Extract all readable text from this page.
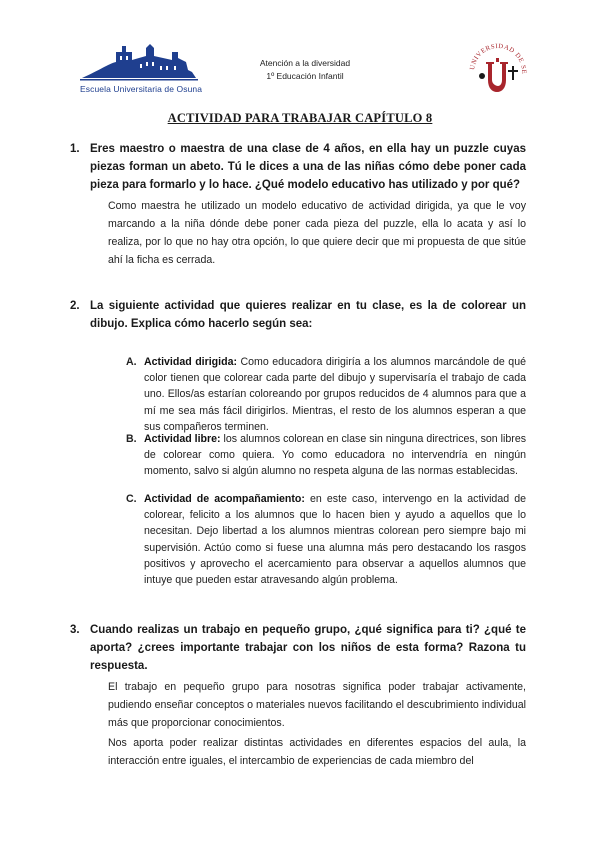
Escuela Universitaria de Osuna
Atención a la diversidad
1º Educación Infantil
UNIVERSIDAD DE SE
ACTIVIDAD PARA TRABAJAR CAPÍTULO 8
1. Eres maestro o maestra de una clase de 4 años, en ella hay un puzzle cuyas piezas forman un abeto. Tú le dices a una de las niñas cómo debe poner cada pieza para formarlo y lo hace. ¿Qué modelo educativo has utilizado y por qué?
Como maestra he utilizado un modelo educativo de actividad dirigida, ya que le voy marcando a la niña dónde debe poner cada pieza del puzzle, ella lo acata y así lo realiza, por lo que no hay otra opción, lo que quiere decir que mi propuesta de que sitúe ahí la ficha es cerrada.
2. La siguiente actividad que quieres realizar en tu clase, es la de colorear un dibujo. Explica cómo hacerlo según sea:
A. Actividad dirigida: Como educadora dirigiría a los alumnos marcándole de qué color tienen que colorear cada parte del dibujo y supervisaría el trabajo de cada uno. Ellos/as estarían coloreando por grupos reducidos de 4 alumnos para que a mí me sea más fácil dirigirlos. Mientras, el resto de los alumnos esperan a que sus compañeros terminen.
B. Actividad libre: los alumnos colorean en clase sin ninguna directrices, son libres de colorear como quiera. Yo como educadora no intervendría en ningún momento, salvo si algún alumno no respeta alguna de las normas establecidas.
C. Actividad de acompañamiento: en este caso, intervengo en la actividad de colorear, felicito a los alumnos que lo hacen bien y ayudo a aquellos que lo necesitan. Dejo libertad a los alumnos mientras colorean pero siempre bajo mi supervisión. Actúo como si fuese una alumna más pero destacando los rasgos positivos y aprovecho el acercamiento para observar a aquellos alumnos que intuye que pueden estar atravesando algún problema.
3. Cuando realizas un trabajo en pequeño grupo, ¿qué significa para ti? ¿qué te aporta? ¿crees importante trabajar con los niños de esta forma? Razona tu respuesta.
El trabajo en pequeño grupo para nosotras significa poder trabajar activamente, pudiendo enseñar conceptos o materiales nuevos facilitando el descubrimiento individual más que proporcionar conocimientos.
Nos aporta poder realizar distintas actividades en diferentes espacios del aula, la interacción entre iguales, el intercambio de experiencias de cada miembro del
